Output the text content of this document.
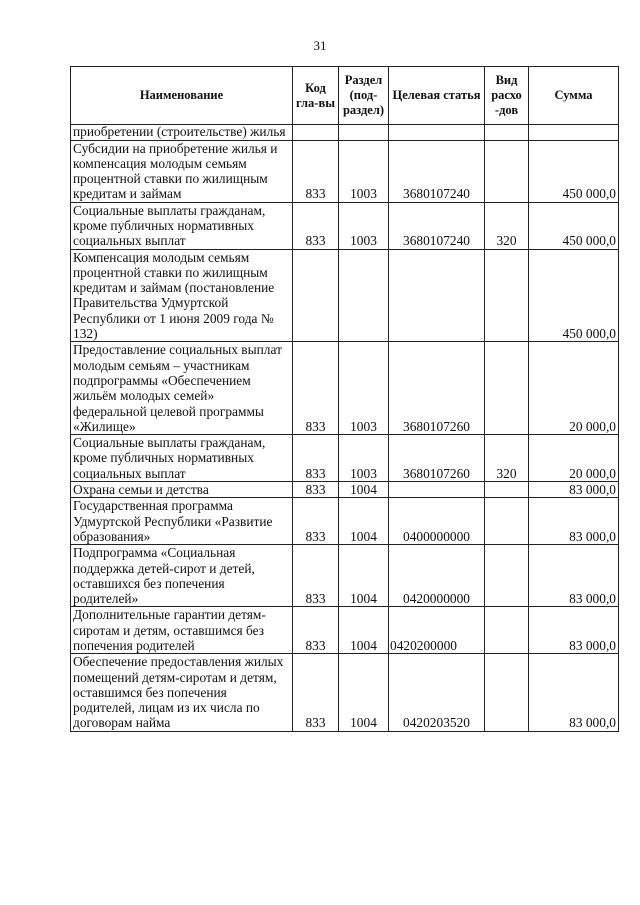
31
Наименование	Код гла-вы	Раздел (под-раздел)	Целевая статья	Вид расхо -дов	Сумма
приобретении (строительстве) жилья					
Субсидии на приобретение жилья и компенсация молодым семьям процентной ставки по жилищным кредитам и займам	833	1003	3680107240		450 000,0
Социальные выплаты гражданам, кроме публичных нормативных социальных выплат	833	1003	3680107240	320	450 000,0
Компенсация молодым семьям процентной ставки по жилищным кредитам и займам (постановление Правительства Удмуртской Республики от 1 июня 2009 года № 132)					450 000,0
Предоставление социальных выплат молодым семьям – участникам подпрограммы «Обеспечением жильём молодых семей» федеральной целевой программы «Жилище»	833	1003	3680107260		20 000,0
Социальные выплаты гражданам, кроме публичных нормативных социальных выплат	833	1003	3680107260	320	20 000,0
Охрана семьи и детства	833	1004			83 000,0
Государственная программа Удмуртской Республики «Развитие образования»	833	1004	0400000000		83 000,0
Подпрограмма «Социальная поддержка детей-сирот и детей, оставшихся без попечения родителей»	833	1004	0420000000		83 000,0
Дополнительные гарантии детям-сиротам и детям, оставшимся без попечения родителей	833	1004	0420200000		83 000,0
Обеспечение предоставления жилых помещений детям-сиротам и детям, оставшимся без попечения родителей, лицам из их числа по договорам найма	833	1004	0420203520		83 000,0
